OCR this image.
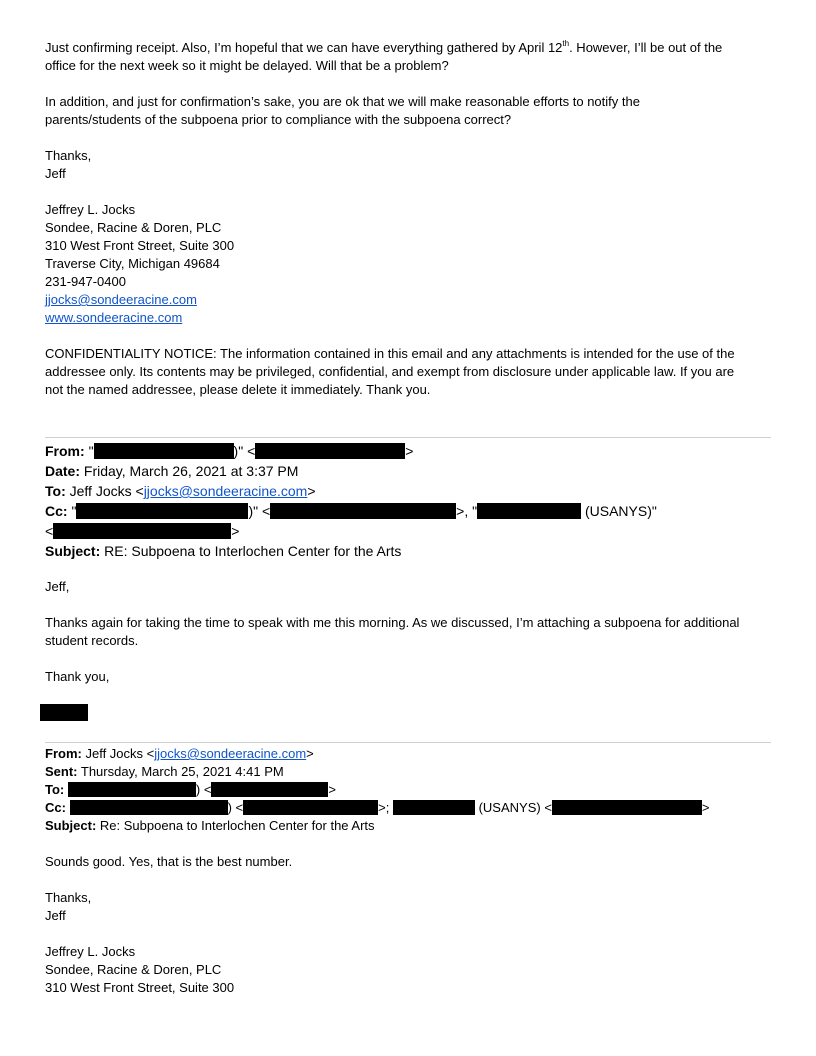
Just confirming receipt. Also, I’m hopeful that we can have everything gathered by April 12th. However, I’ll be out of the
office for the next week so it might be delayed. Will that be a problem?
In addition, and just for confirmation’s sake, you are ok that we will make reasonable efforts to notify the
parents/students of the subpoena prior to compliance with the subpoena correct?
Thanks,
Jeff
Jeffrey L. Jocks
Sondee, Racine & Doren, PLC
310 West Front Street, Suite 300
Traverse City, Michigan 49684
231-947-0400
jjocks@sondeeracine.com
www.sondeeracine.com
CONFIDENTIALITY NOTICE: The information contained in this email and any attachments is intended for the use of the
addressee only. Its contents may be privileged, confidential, and exempt from disclosure under applicable law. If you are
not the named addressee, please delete it immediately. Thank you.
From: "	)" <	>
Date: Friday, March 26, 2021 at 3:37 PM
To: Jeff Jocks <jjocks@sondeeracine.com>
Cc: "	)" <	>, "	(USANYS)"
<	>
Subject: RE: Subpoena to Interlochen Center for the Arts
Jeff,
Thanks again for taking the time to speak with me this morning. As we discussed, I’m attaching a subpoena for additional
student records.
Thank you,
From: Jeff Jocks <jjocks@sondeeracine.com>
Sent: Thursday, March 25, 2021 4:41 PM
To:	) <	>
Cc:	) <	>;	(USANYS) <	>
Subject: Re: Subpoena to Interlochen Center for the Arts
Sounds good. Yes, that is the best number.
Thanks,
Jeff
Jeffrey L. Jocks
Sondee, Racine & Doren, PLC
310 West Front Street, Suite 300
